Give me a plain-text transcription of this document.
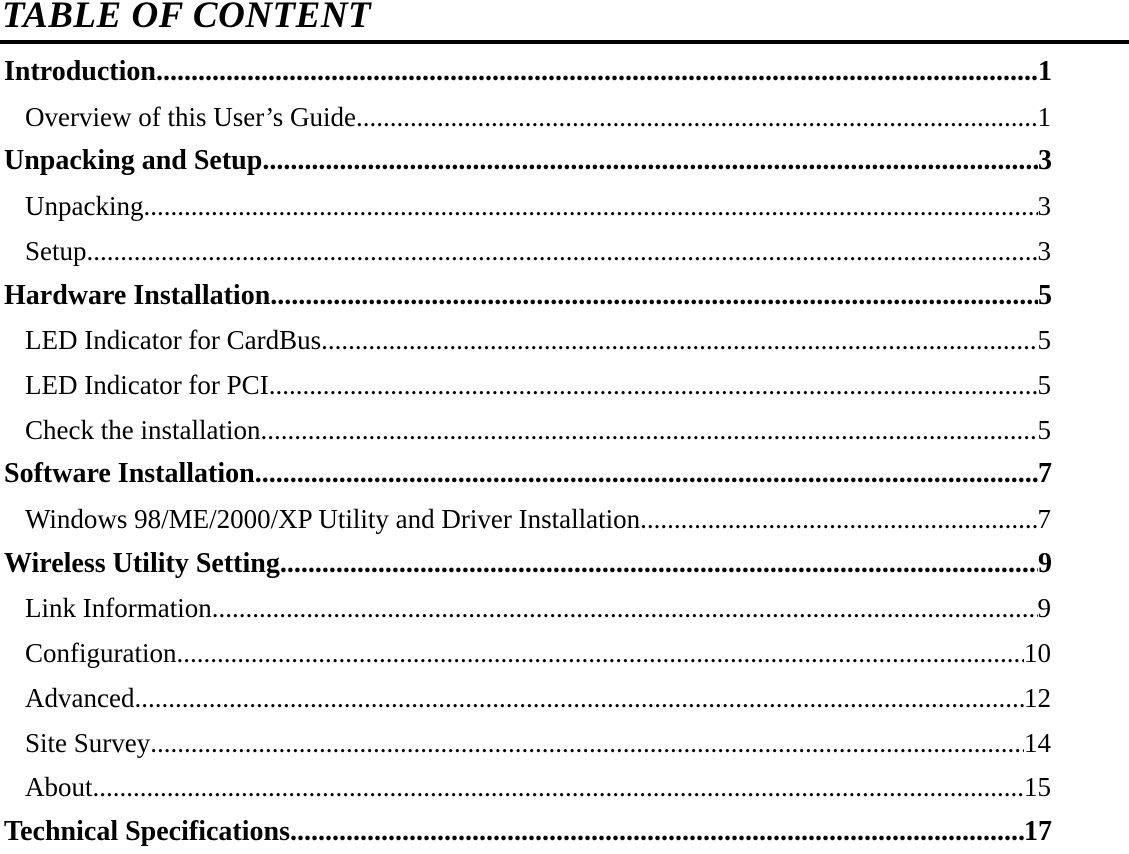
TABLE OF CONTENT
Introduction .....	1
Overview of this User’s Guide .....	1
Unpacking and Setup .....	3
Unpacking .....	3
Setup .....	3
Hardware Installation .....	5
LED Indicator for CardBus .....	5
LED Indicator for PCI .....	5
Check the installation .....	5
Software Installation .....	7
Windows 98/ME/2000/XP Utility and Driver Installation .....	7
Wireless Utility Setting .....	9
Link Information .....	9
Configuration .....	10
Advanced .....	12
Site Survey .....	14
About .....	15
Technical Specifications .....	17
